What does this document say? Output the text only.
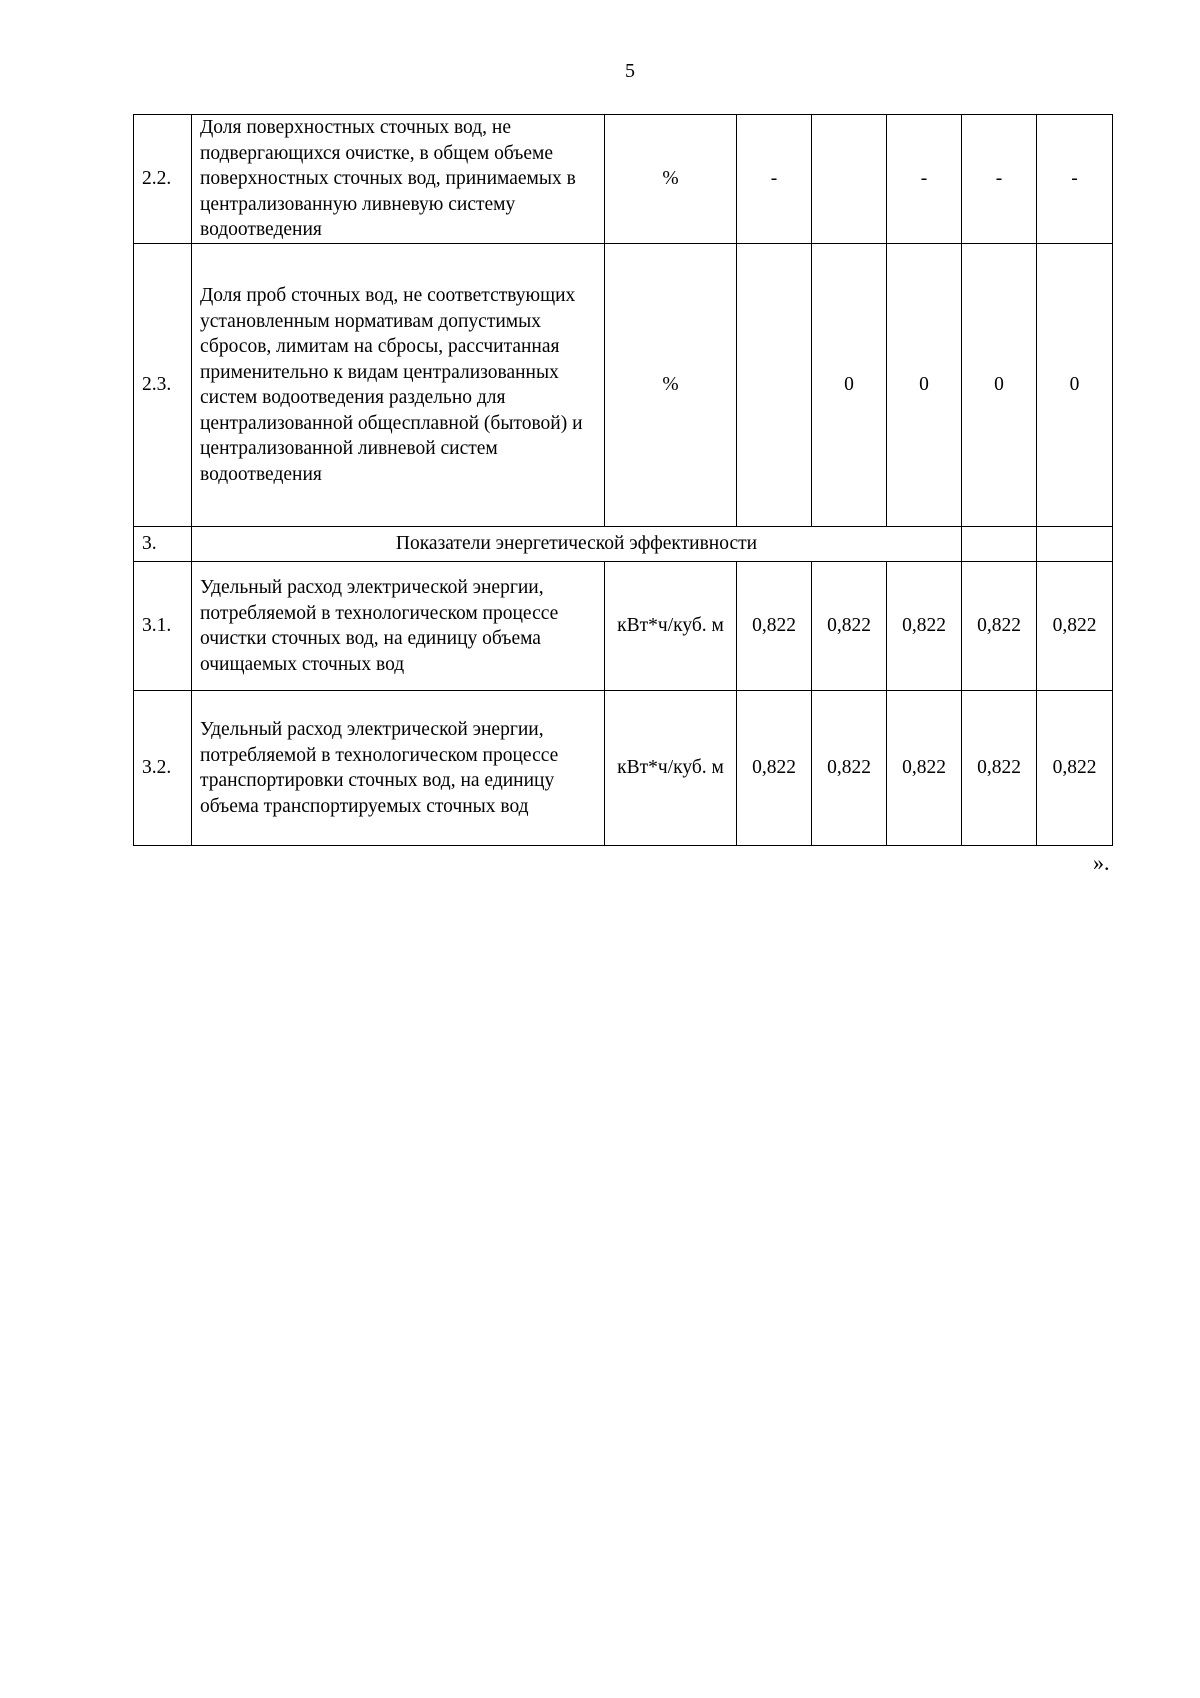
5
2.2.	Доля поверхностных сточных вод, не подвергающихся очистке, в общем объеме поверхностных сточных вод, принимаемых в централизованную ливневую систему водоотведения	%	-		-	-	-
2.3.	Доля проб сточных вод, не соответствующих установленным нормативам допустимых сбросов, лимитам на сбросы, рассчитанная применительно к видам централизованных систем водоотведения раздельно для централизованной общесплавной (бытовой) и централизованной ливневой систем водоотведения	%		0	0	0	0
3.	Показатели энергетической эффективности						
3.1.	Удельный расход электрической энергии, потребляемой в технологическом процессе очистки сточных вод, на единицу объема очищаемых сточных вод	кВт*ч/куб. м	0,822	0,822	0,822	0,822	0,822
3.2.	Удельный расход электрической энергии, потребляемой в технологическом процессе транспортировки сточных вод, на единицу объема транспортируемых сточных вод	кВт*ч/куб. м	0,822	0,822	0,822	0,822	0,822
».
